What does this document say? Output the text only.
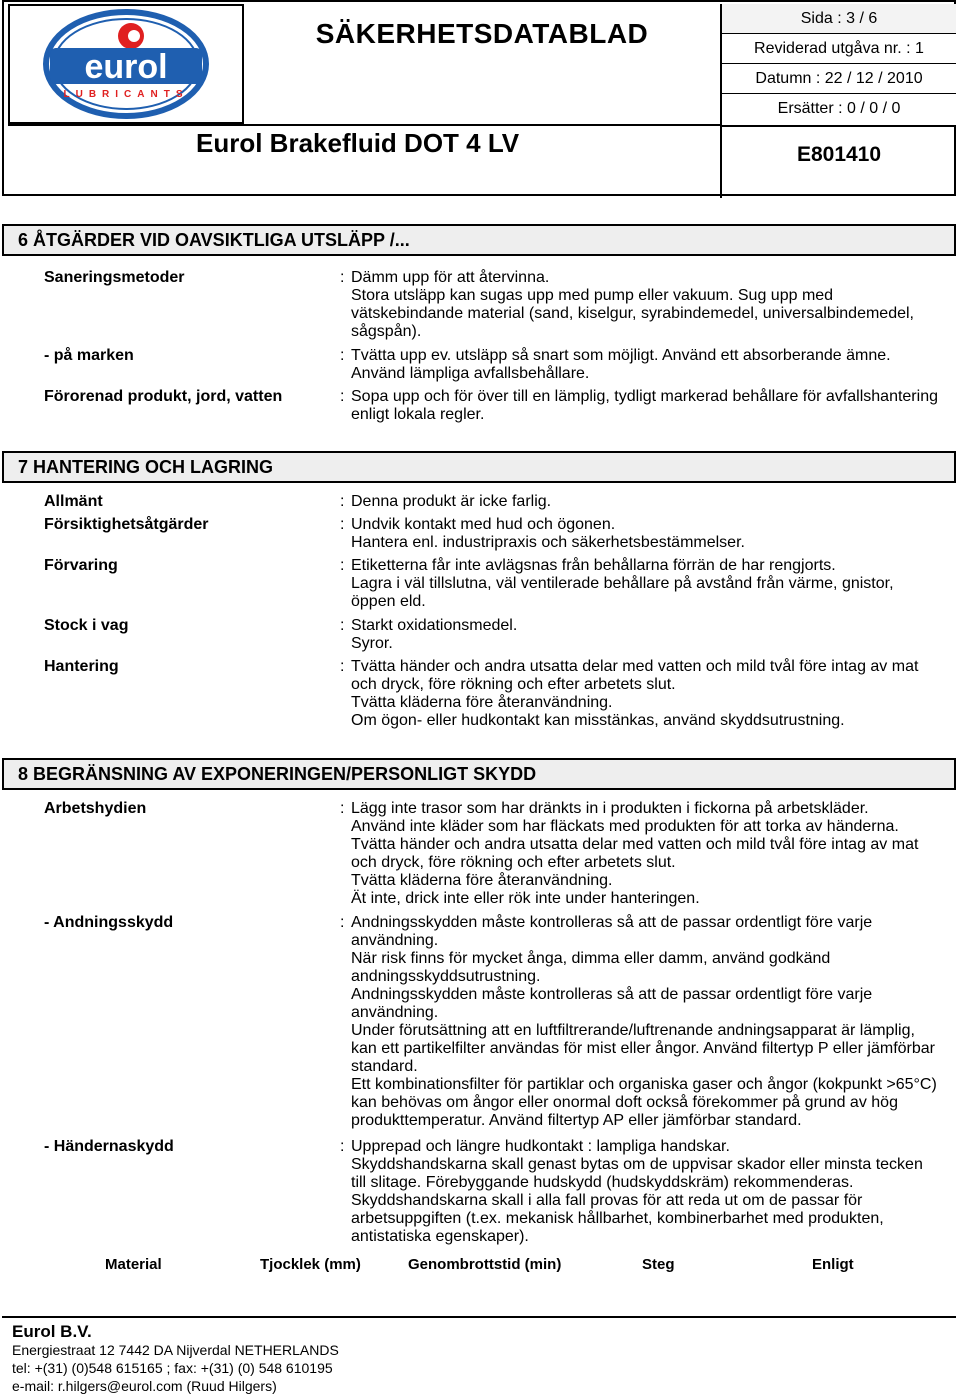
eurol
LUBRICANTS
SÄKERHETSDATABLAD
Eurol Brakefluid DOT 4 LV
Sida : 3 / 6
Reviderad utgåva nr. : 1
Datumn : 22 / 12 / 2010
Ersätter : 0 / 0 / 0
E801410
6 ÅTGÄRDER VID OAVSIKTLIGA UTSLÄPP /...
Saneringsmetoder	: Dämm upp för att återvinna.
Stora utsläpp kan sugas upp med pump eller vakuum. Sug upp med
vätskebindande material (sand, kiselgur, syrabindemedel, universalbindemedel,
sågspån).
- på marken	: Tvätta upp ev. utsläpp så snart som möjligt. Använd ett absorberande ämne.
Använd lämpliga avfallsbehållare.
Förorenad produkt, jord, vatten	: Sopa upp och för över till en lämplig, tydligt markerad behållare för avfallshantering
enligt lokala regler.
7 HANTERING OCH LAGRING
Allmänt	: Denna produkt är icke farlig.
Försiktighetsåtgärder	: Undvik kontakt med hud och ögonen.
Hantera enl. industripraxis och säkerhetsbestämmelser.
Förvaring	: Etiketterna får inte avlägsnas från behållarna förrän de har rengjorts.
Lagra i väl tillslutna, väl ventilerade behållare på avstånd från värme, gnistor,
öppen eld.
Stock i vag	: Starkt oxidationsmedel.
Syror.
Hantering	: Tvätta händer och andra utsatta delar med vatten och mild tvål före intag av mat
och dryck, före rökning och efter arbetets slut.
Tvätta kläderna före återanvändning.
Om ögon- eller hudkontakt kan misstänkas, använd skyddsutrustning.
8 BEGRÄNSNING AV EXPONERINGEN/PERSONLIGT SKYDD
Arbetshydien	: Lägg inte trasor som har dränkts in i produkten i fickorna på arbetskläder.
Använd inte kläder som har fläckats med produkten för att torka av händerna.
Tvätta händer och andra utsatta delar med vatten och mild tvål före intag av mat
och dryck, före rökning och efter arbetets slut.
Tvätta kläderna före återanvändning.
Ät inte, drick inte eller rök inte under hanteringen.
- Andningsskydd	: Andningsskydden måste kontrolleras så att de passar ordentligt före varje
användning.
När risk finns för mycket ånga, dimma eller damm, använd godkänd
andningsskyddsutrustning.
Andningsskydden måste kontrolleras så att de passar ordentligt före varje
användning.
Under förutsättning att en luftfiltrerande/luftrenande andningsapparat är lämplig,
kan ett partikelfilter användas för mist eller ångor. Använd filtertyp P eller jämförbar
standard.
Ett kombinationsfilter för partiklar och organiska gaser och ångor (kokpunkt >65°C)
kan behövas om ångor eller onormal doft också förekommer på grund av hög
produkttemperatur. Använd filtertyp AP eller jämförbar standard.
- Händernaskydd	: Upprepad och längre hudkontakt : lampliga handskar.
Skyddshandskarna skall genast bytas om de uppvisar skador eller minsta tecken
till slitage. Förebyggande hudskydd (hudskyddskräm) rekommenderas.
Skyddshandskarna skall i alla fall provas för att reda ut om de passar för
arbetsuppgiften (t.ex. mekanisk hållbarhet, kombinerbarhet med produkten,
antistatiska egenskaper).
Material	Tjocklek (mm)	Genombrottstid (min)	Steg	Enligt
Eurol B.V.
Energiestraat 12 7442 DA Nijverdal NETHERLANDS
tel: +(31) (0)548 615165 ; fax: +(31) (0) 548 610195
e-mail: r.hilgers@eurol.com (Ruud Hilgers)
